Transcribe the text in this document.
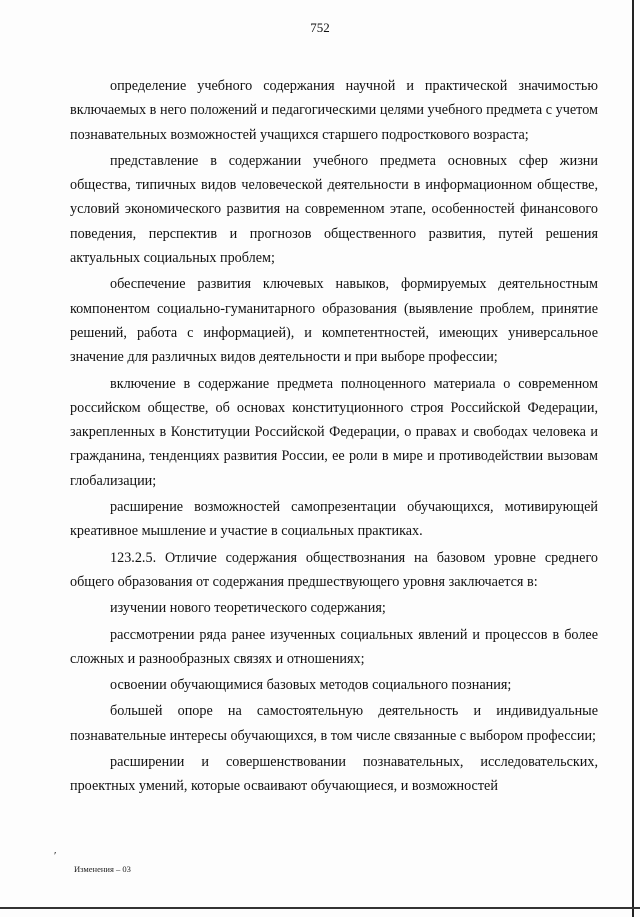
752

определение учебного содержания научной и практической значимостью включаемых в него положений и педагогическими целями учебного предмета с учетом познавательных возможностей учащихся старшего подросткового возраста;

представление в содержании учебного предмета основных сфер жизни общества, типичных видов человеческой деятельности в информационном обществе, условий экономического развития на современном этапе, особенностей финансового поведения, перспектив и прогнозов общественного развития, путей решения актуальных социальных проблем;

обеспечение развития ключевых навыков, формируемых деятельностным компонентом социально-гуманитарного образования (выявление проблем, принятие решений, работа с информацией), и компетентностей, имеющих универсальное значение для различных видов деятельности и при выборе профессии;

включение в содержание предмета полноценного материала о современном российском обществе, об основах конституционного строя Российской Федерации, закрепленных в Конституции Российской Федерации, о правах и свободах человека и гражданина, тенденциях развития России, ее роли в мире и противодействии вызовам глобализации;

расширение возможностей самопрезентации обучающихся, мотивирующей креативное мышление и участие в социальных практиках.

123.2.5. Отличие содержания обществознания на базовом уровне среднего общего образования от содержания предшествующего уровня заключается в:

изучении нового теоретического содержания;

рассмотрении ряда ранее изученных социальных явлений и процессов в более сложных и разнообразных связях и отношениях;

освоении обучающимися базовых методов социального познания;

большей опоре на самостоятельную деятельность и индивидуальные познавательные интересы обучающихся, в том числе связанные с выбором профессии;

расширении и совершенствовании познавательных, исследовательских, проектных умений, которые осваивают обучающиеся, и возможностей

′
Изменения – 03
